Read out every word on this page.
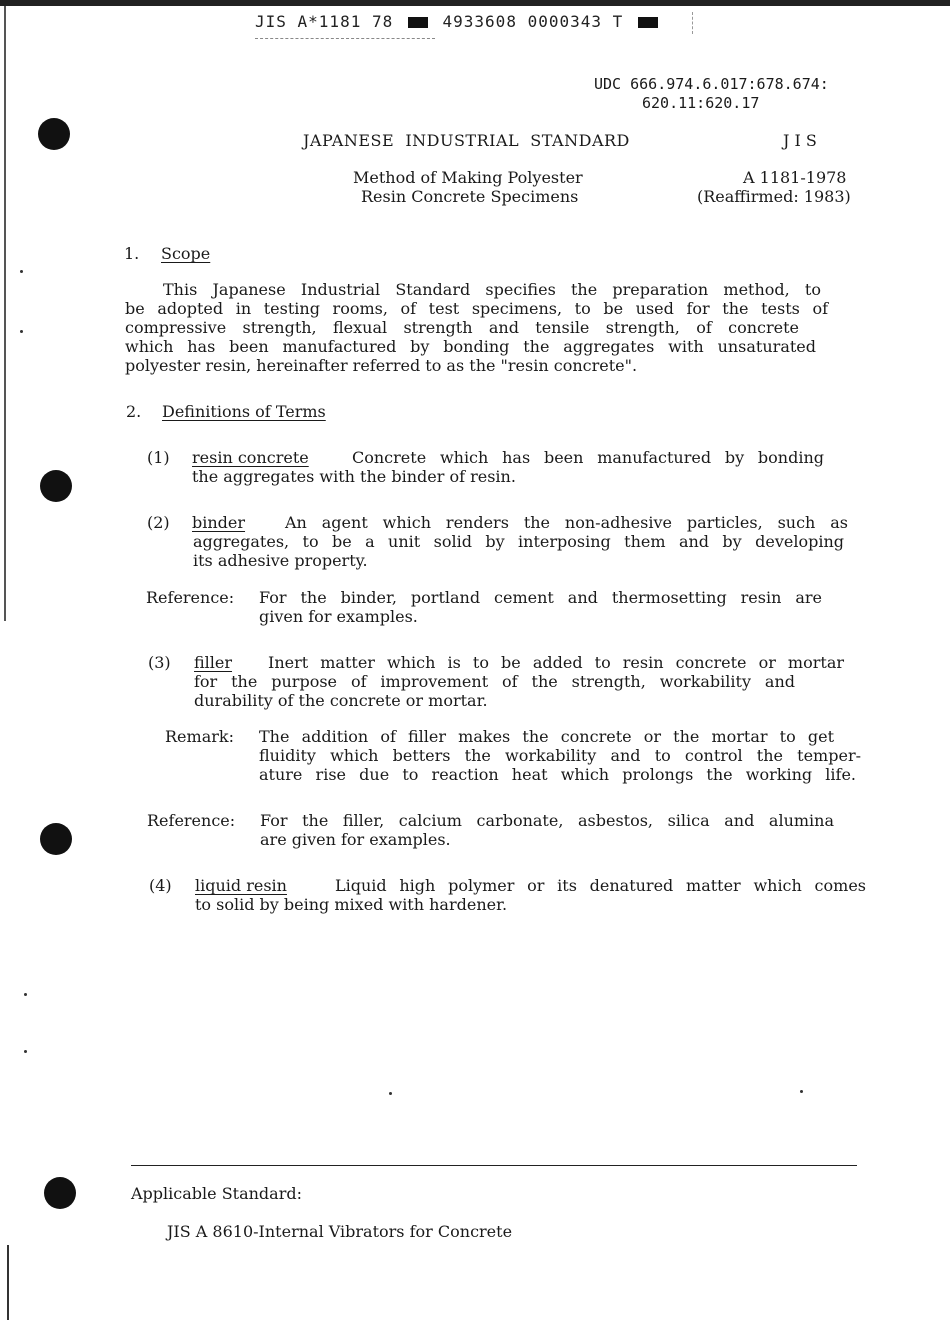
JIS A*1181 78	4933608 0000343 T
UDC 666.974.6.017:678.674:
620.11:620.17
JAPANESE  INDUSTRIAL  STANDARD	J I S
Method of Making Polyester
Resin Concrete Specimens
A 1181-1978
(Reaffirmed: 1983)
1. Scope
This Japanese Industrial Standard specifies the preparation method, to
be adopted in testing rooms, of test specimens, to be used for the tests of
compressive strength, flexual strength and tensile strength, of concrete
which has been manufactured by bonding the aggregates with unsaturated
polyester resin, hereinafter referred to as the "resin concrete".
2. Definitions of Terms
(1) resin concrete	Concrete which has been manufactured by bonding
the aggregates with the binder of resin.
(2) binder An agent which renders the non-adhesive particles, such as
aggregates, to be a unit solid by interposing them and by developing
its adhesive property.
Reference: For the binder, portland cement and thermosetting resin are
given for examples.
(3) filler Inert matter which is to be added to resin concrete or mortar
for the purpose of improvement of the strength, workability and
durability of the concrete or mortar.
Remark: The addition of filler makes the concrete or the mortar to get
fluidity which betters the workability and to control the temper-
ature rise due to reaction heat which prolongs the working life.
Reference: For the filler, calcium carbonate, asbestos, silica and alumina
are given for examples.
(4) liquid resin	Liquid high polymer or its denatured matter which comes
to solid by being mixed with hardener.
Applicable Standard:
JIS A 8610-Internal Vibrators for Concrete
